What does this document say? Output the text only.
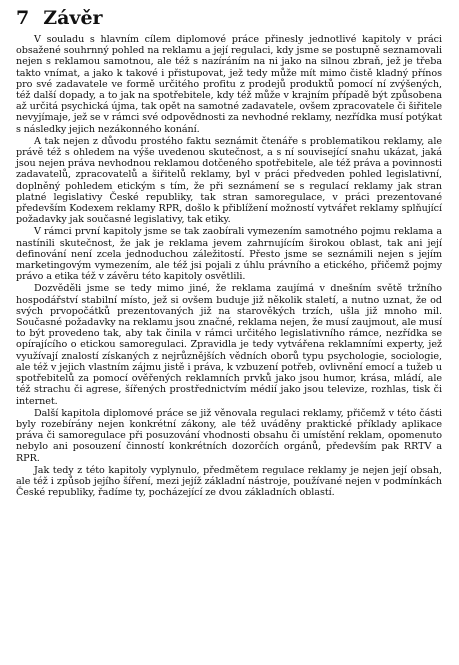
7 Závěr

V souladu s hlavním cílem diplomové práce přinesly jednotlivé kapitoly v práci obsažené souhrnný pohled na reklamu a její regulaci, kdy jsme se postupně seznamovali nejen s reklamou samotnou, ale též s nazíráním na ni jako na silnou zbraň, jež je třeba takto vnímat, a jako k takové i přistupovat, jež tedy může mít mimo čistě kladný přínos pro své zadavatele ve formě určitého profitu z prodejů produktů pomocí ní zvýšených, též další dopady, a to jak na spotřebitele, kdy též může v krajním případě být způsobena až určitá psychická újma, tak opět na samotné zadavatele, ovšem zpracovatele či šiřitele nevyjímaje, jež se v rámci své odpovědnosti za nevhodné reklamy, nezřídka musí potýkat s následky jejich nezákonného konání.

A tak nejen z důvodu prostého faktu seznámit čtenáře s problematikou reklamy, ale právě též s ohledem na výše uvedenou skutečnost, a s ní související snahu ukázat, jaká jsou nejen práva nevhodnou reklamou dotčeného spotřebitele, ale též práva a povinnosti zadavatelů, zpracovatelů a šiřitelů reklamy, byl v práci předveden pohled legislativní, doplněný pohledem etickým s tím, že při seznámení se s regulací reklamy jak stran platné legislativy České republiky, tak stran samoregulace, v práci prezentované především Kodexem reklamy RPR, došlo k přiblížení možností vytvářet reklamy splňující požadavky jak současné legislativy, tak etiky.

V rámci první kapitoly jsme se tak zaobírali vymezením samotného pojmu reklama a nastínili skutečnost, že jak je reklama jevem zahrnujícím širokou oblast, tak ani její definování není zcela jednoduchou záležitostí. Přesto jsme se seznámili nejen s jejím marketingovým vymezením, ale též jsi pojali z úhlu právního a etického, přičemž pojmy právo a etika též v závěru této kapitoly osvětlili.

Dozvěděli jsme se tedy mimo jiné, že reklama zaujímá v dnešním světě tržního hospodářství stabilní místo, jež si ovšem buduje již několik staletí, a nutno uznat, že od svých prvopočátků prezentovaných již na starověkých trzích, ušla již mnoho mil. Současné požadavky na reklamu jsou značné, reklama nejen, že musí zaujmout, ale musí to být provedeno tak, aby tak činila v rámci určitého legislativního rámce, nezřídka se opírajícího o etickou samoregulaci. Zpravidla je tedy vytvářena reklamními experty, jež využívají znalostí získaných z nejrůznějších vědních oborů typu psychologie, sociologie, ale též v jejich vlastním zájmu jistě i práva, k vzbuzení potřeb, ovlivnění emocí a tužeb u spotřebitelů za pomocí ověřených reklamních prvků jako jsou humor, krása, mládí, ale též strachu či agrese, šířených prostřednictvím médií jako jsou televize, rozhlas, tisk či internet.

Další kapitola diplomové práce se již věnovala regulaci reklamy, přičemž v této části byly rozebírány nejen konkrétní zákony, ale též uváděny praktické příklady aplikace práva či samoregulace při posuzování vhodnosti obsahu či umístění reklam, opomenuto nebylo ani posouzení činností konkrétních dozorčích orgánů, především pak RRTV a RPR.

Jak tedy z této kapitoly vyplynulo, předmětem regulace reklamy je nejen její obsah, ale též i způsob jejího šíření, mezi jejíž základní nástroje, používané nejen v podmínkách České republiky, řadíme ty, pocházející ze dvou základních oblastí.
